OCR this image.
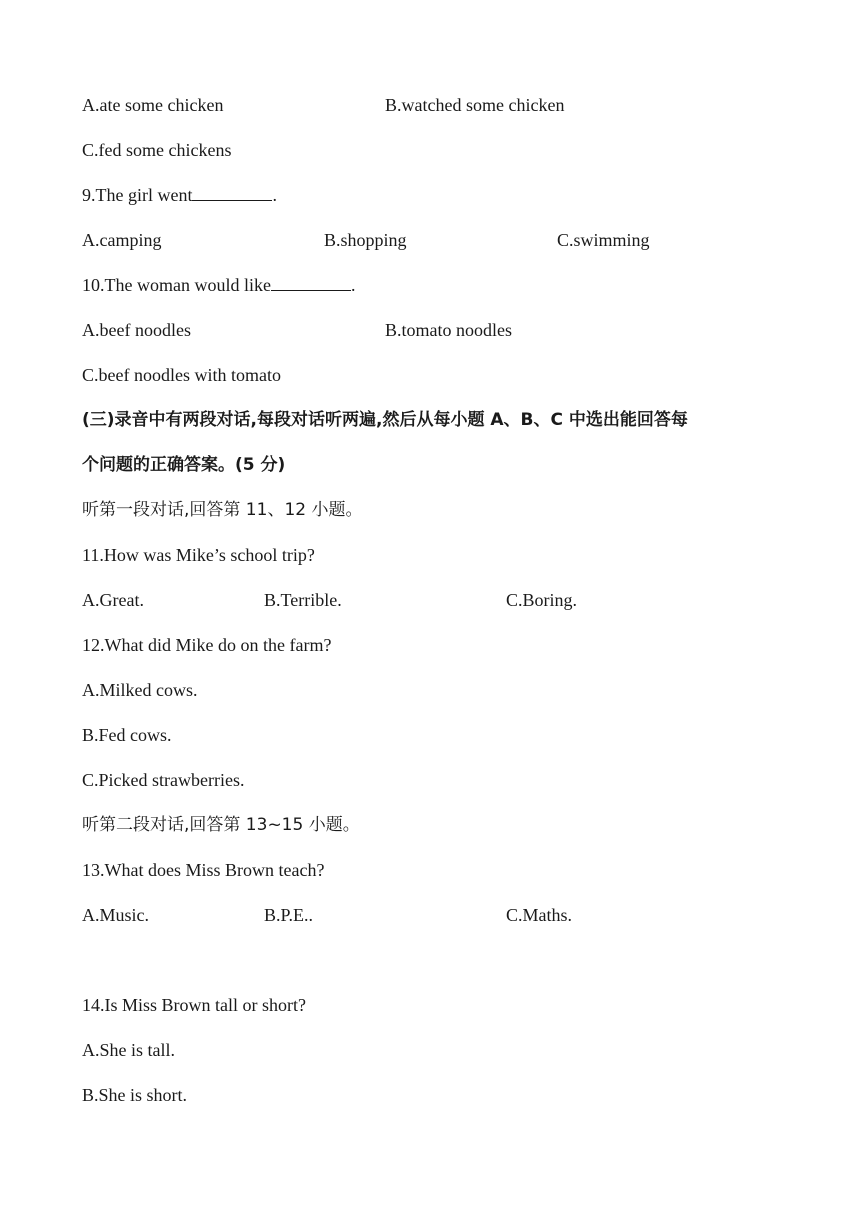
A.ate some chicken	B.watched some chicken
C.fed some chickens
9.The girl went	.
A.camping	B.shopping	C.swimming
10.The woman would like	.
A.beef noodles	B.tomato noodles
C.beef noodles with tomato
(三)录音中有两段对话,每段对话听两遍,然后从每小题 A、B、C 中选出能回答每
个问题的正确答案。(5 分)
听第一段对话,回答第 11、12 小题。
11.How was Mike’s school trip?
A.Great.	B.Terrible.	C.Boring.
12.What did Mike do on the farm?
A.Milked cows.
B.Fed cows.
C.Picked strawberries.
听第二段对话,回答第 13~15 小题。
13.What does Miss Brown teach?
A.Music.	B.P.E..	C.Maths.
14.Is Miss Brown tall or short?
A.She is tall.
B.She is short.
